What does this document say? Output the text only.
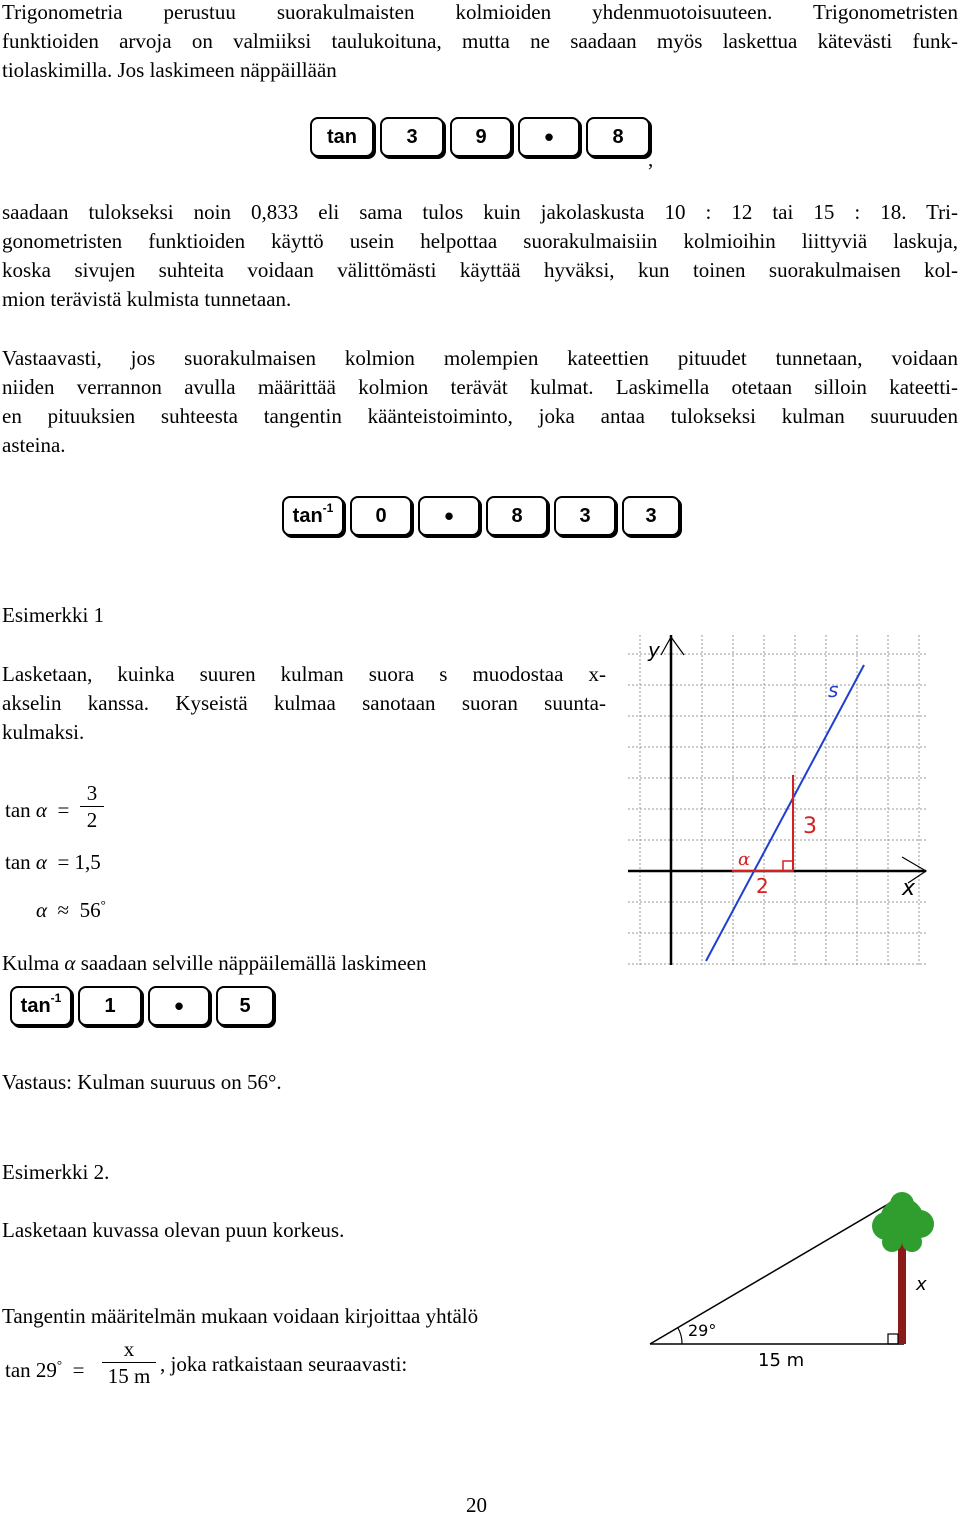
Trigonometria perustuu suorakulmaisten kolmioiden yhdenmuotoisuuteen. Trigonometristen
funktioiden arvoja on valmiiksi taulukoituna, mutta ne saadaan myös laskettua kätevästi funk-
tiolaskimilla. Jos laskimeen näppäillään
tan	3	9	•	8
,
saadaan tulokseksi noin 0,833 eli sama tulos kuin jakolaskusta 10 : 12 tai 15 : 18. Tri-
gonometristen funktioiden käyttö usein helpottaa suorakulmaisiin kolmioihin liittyviä laskuja,
koska sivujen suhteita voidaan välittömästi käyttää hyväksi, kun toinen suorakulmaisen kol-
mion terävistä kulmista tunnetaan.
Vastaavasti, jos suorakulmaisen kolmion molempien kateettien pituudet tunnetaan, voidaan
niiden verrannon avulla määrittää kolmion terävät kulmat. Laskimella otetaan silloin kateetti-
en pituuksien suhteesta tangentin käänteistoiminto, joka antaa tulokseksi kulman suuruuden
asteina.
$\tan^{-1}$	0	•	8	3	3
Esimerkki 1
Lasketaan, kuinka suuren kulman suora s muodostaa x-
akselin kanssa. Kyseistä kulmaa sanotaan suoran suunta-
kulmaksi.
$\tan \alpha = \frac{3}{2}$
tan α = 1,5
α ≈ 56°
Kulma α saadaan selville näppäilemällä laskimeen
$\tan^{-1}$	1	•	5
Vastaus: Kulman suuruus on 56°.
y
x
s
3
2
α
Esimerkki 2.
Lasketaan kuvassa olevan puun korkeus.
Tangentin määritelmän mukaan voidaan kirjoittaa yhtälö
$\tan 29^\circ = \frac{x}{15 m}$ , joka ratkaistaan seuraavasti:
29°
15 m
x
20
